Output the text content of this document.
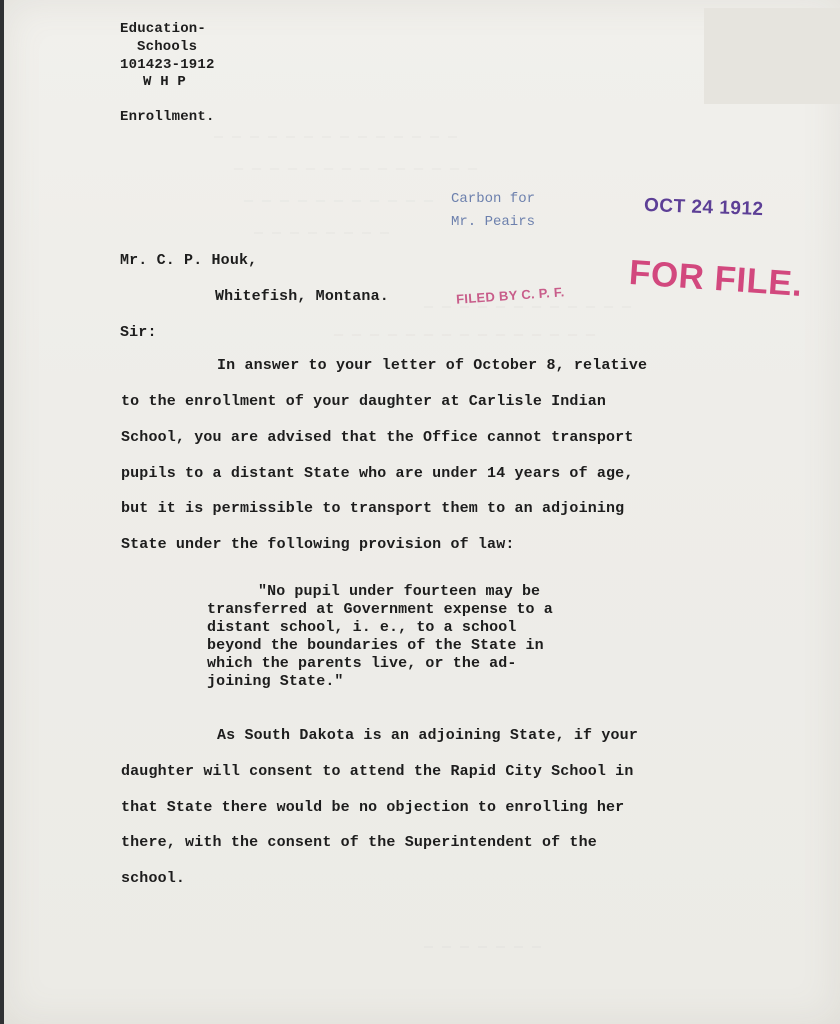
Education-
Schools
101423-1912
W H P
Enrollment.
Carbon for
Mr. Peairs
OCT 24 1912
FOR FILE.
FILED BY C. P. F.
Mr. C. P. Houk,
Whitefish, Montana.
Sir:
In answer to your letter of October 8, relative
to the enrollment of your daughter at Carlisle Indian
School, you are advised that the Office cannot transport
pupils to a distant State who are under 14 years of age,
but it is permissible to transport them to an adjoining
State under the following provision of law:
"No pupil under fourteen may be
transferred at Government expense to a
distant school, i. e., to a school
beyond the boundaries of the State in
which the parents live, or the ad-
joining State."
As South Dakota is an adjoining State, if your
daughter will consent to attend the Rapid City School in
that State there would be no objection to enrolling her
there, with the consent of the Superintendent of the
school.
